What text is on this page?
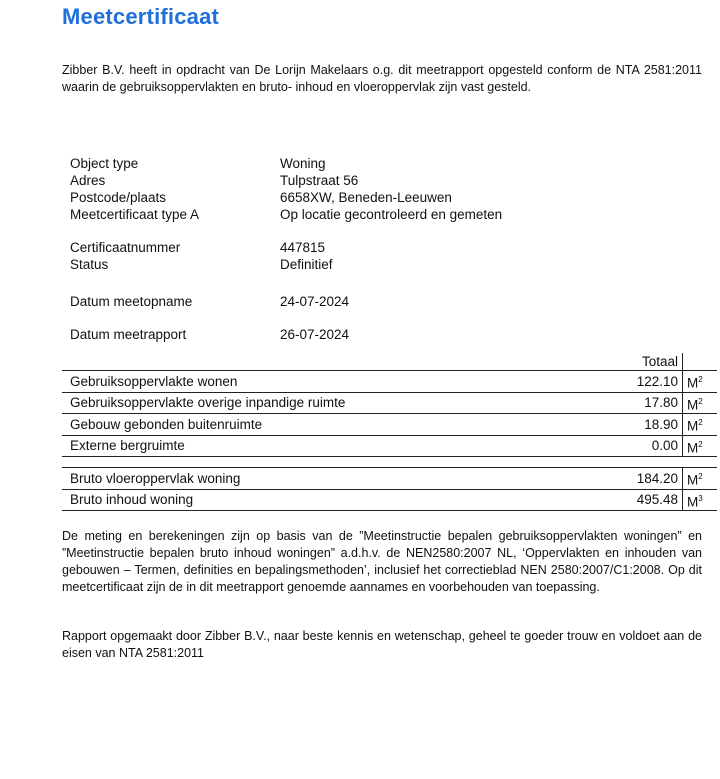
Meetcertificaat

Zibber B.V. heeft in opdracht van De Lorijn Makelaars o.g. dit meetrapport opgesteld conform de NTA 2581:2011 waarin de gebruiksoppervlakten en bruto- inhoud en vloeroppervlak zijn vast gesteld.

Object type	Woning
Adres	Tulpstraat 56
Postcode/plaats	6658XW, Beneden-Leeuwen
Meetcertificaat type A	Op locatie gecontroleerd en gemeten
Certificaatnummer	447815
Status	Definitief
Datum meetopname	24-07-2024
Datum meetrapport	26-07-2024
	Totaal	
Gebruiksoppervlakte wonen	122.10	$M^2$
Gebruiksoppervlakte overige inpandige ruimte	17.80	$M^2$
Gebouw gebonden buitenruimte	18.90	$M^2$
Externe bergruimte	0.00	$M^2$

Bruto vloeroppervlak woning	184.20	$M^2$
Bruto inhoud woning	495.48	$M^3$

De meting en berekeningen zijn op basis van de ”Meetinstructie bepalen gebruiksoppervlakten woningen” en ”Meetinstructie bepalen bruto inhoud woningen” a.d.h.v. de NEN2580:2007 NL, ‘Oppervlakten en inhouden van gebouwen – Termen, definities en bepalingsmethoden’, inclusief het correctieblad NEN 2580:2007/C1:2008. Op dit meetcertificaat zijn de in dit meetrapport genoemde aannames en voorbehouden van toepassing.

Rapport opgemaakt door Zibber B.V., naar beste kennis en wetenschap, geheel te goeder trouw en voldoet aan de eisen van NTA 2581:2011
